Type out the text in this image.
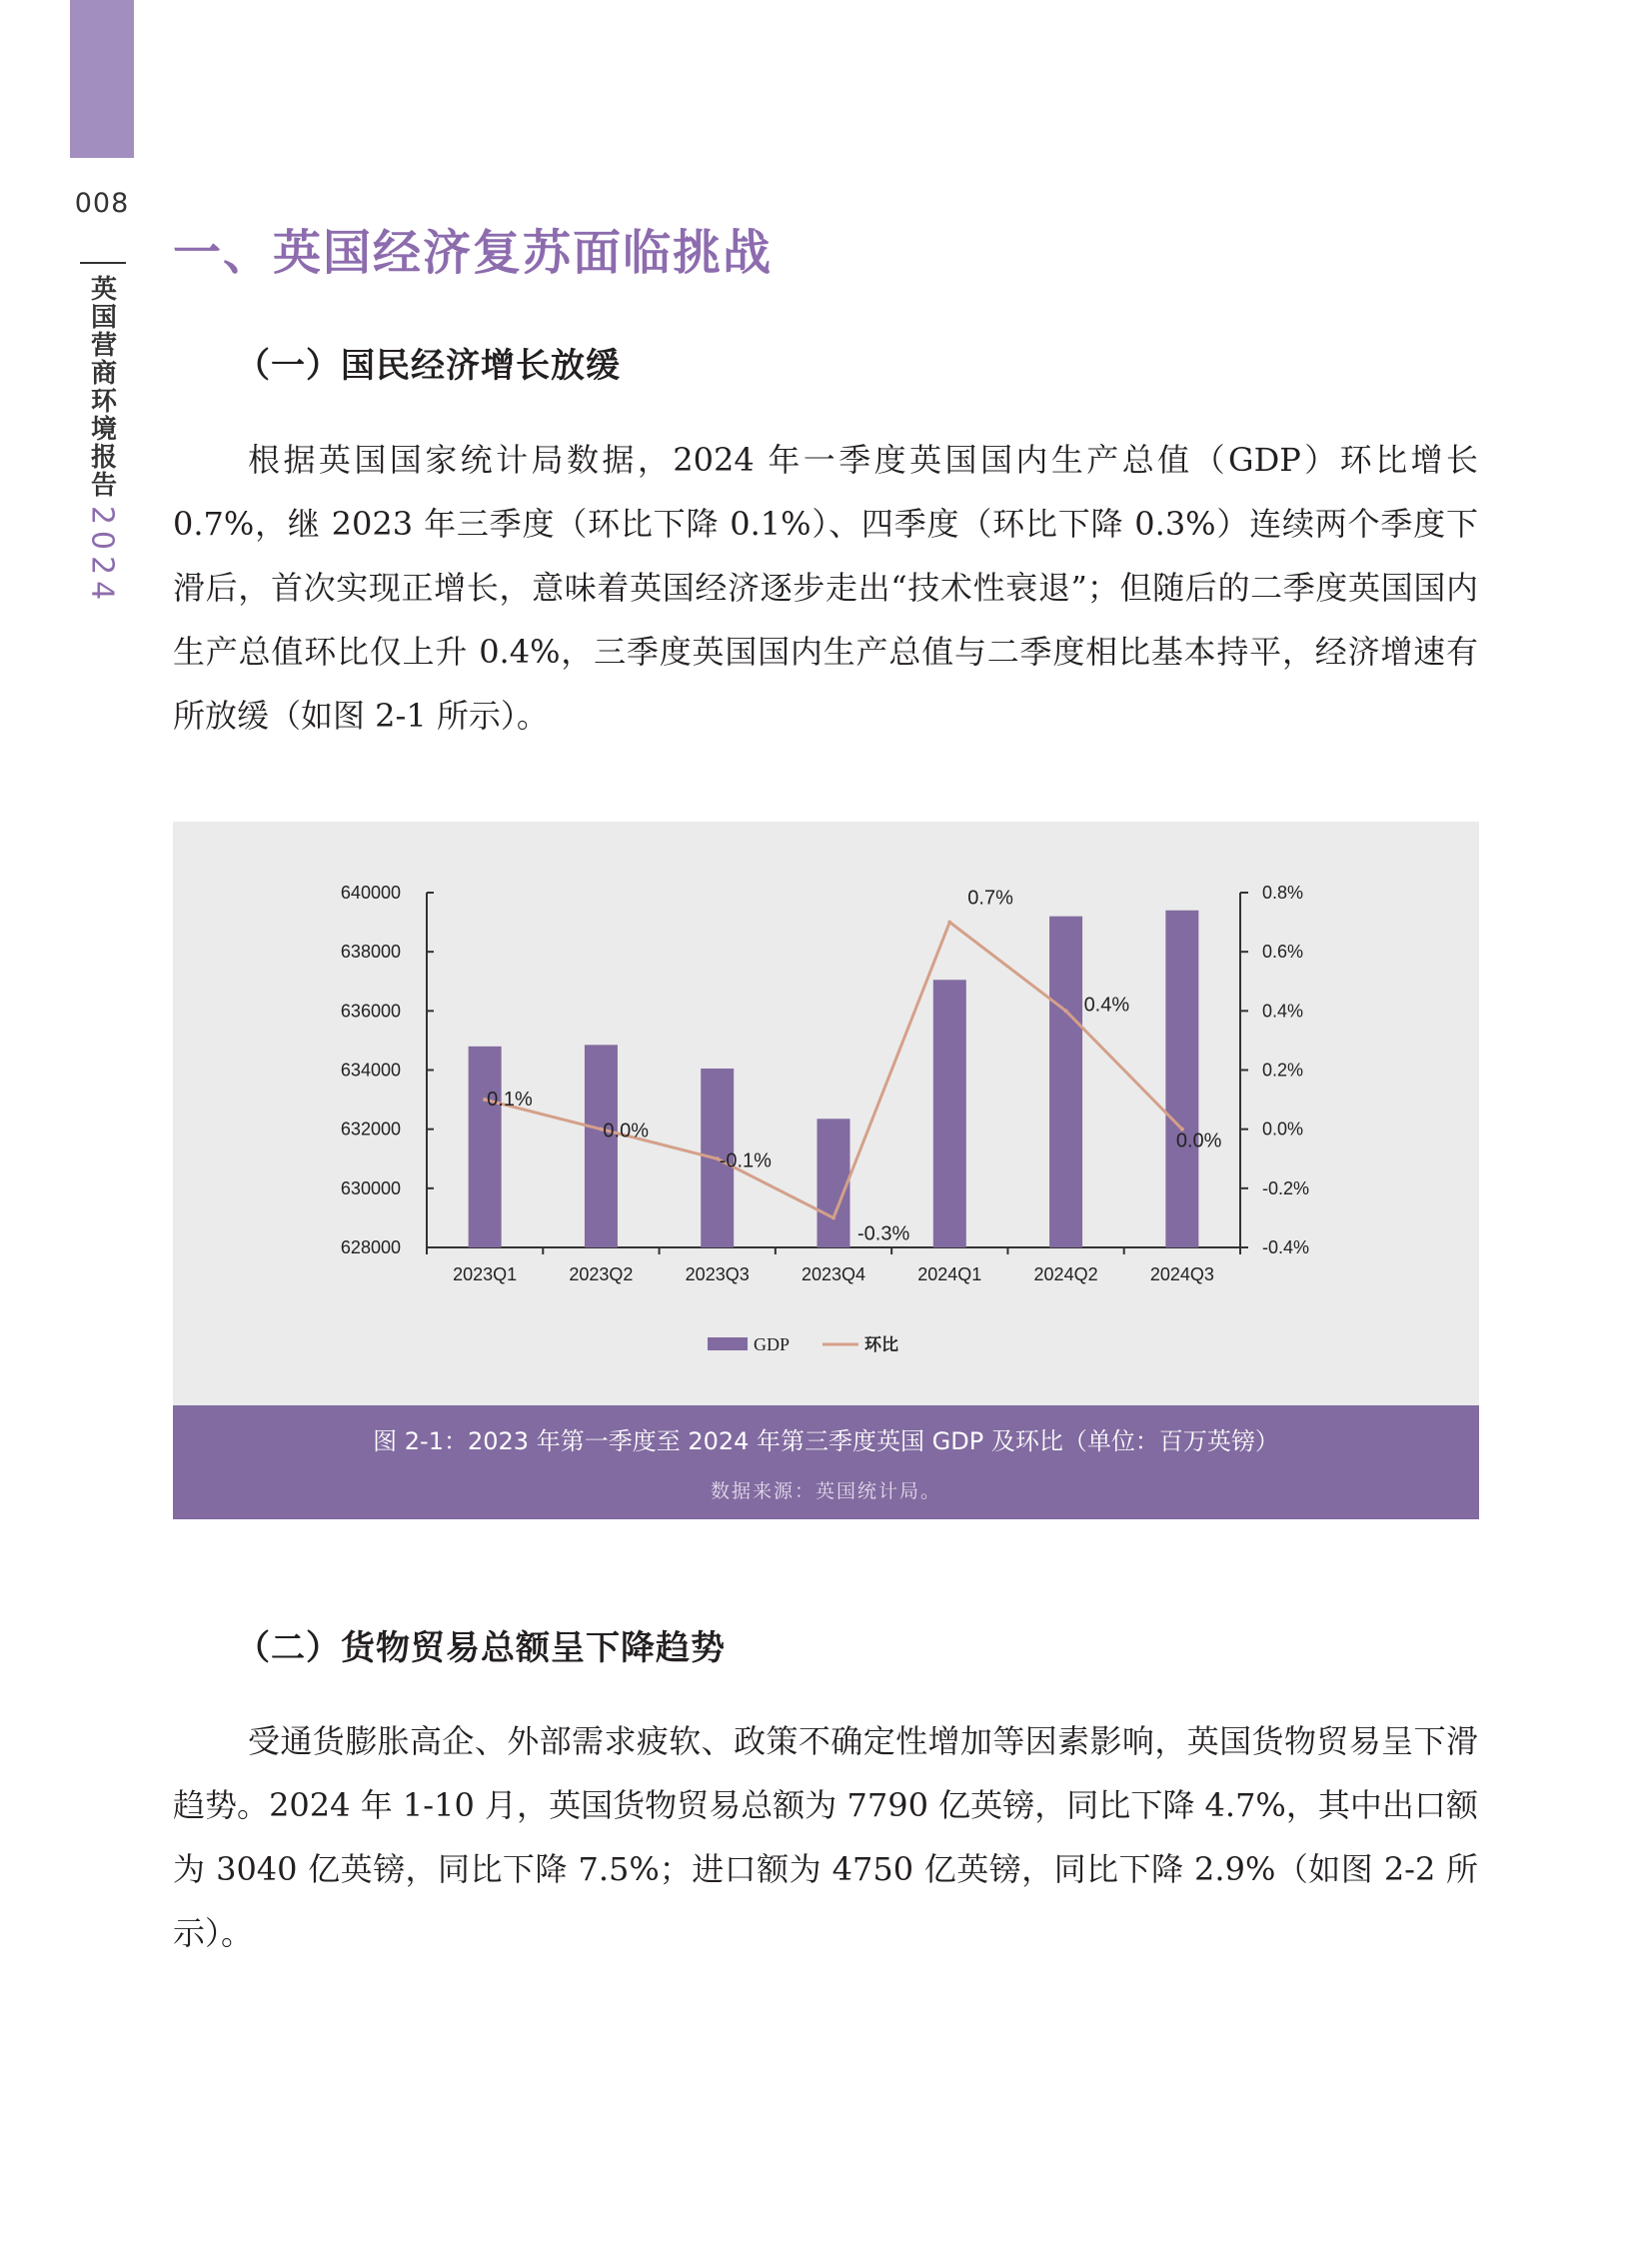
008
英国营商环境报告
2024
一、英国经济复苏面临挑战
（一）国民经济增长放缓

根据英国国家统计局数据，2024 年一季度英国国内生产总值（GDP）环比增长 0.7%，继 2023 年三季度（环比下降 0.1%）、四季度（环比下降 0.3%）连续两个季度下滑后，首次实现正增长，意味着英国经济逐步走出“技术性衰退”；但随后的二季度英国国内生产总值环比仅上升 0.4%，三季度英国国内生产总值与二季度相比基本持平，经济增速有所放缓（如图 2-1 所示）。

628000
630000
632000
634000
636000
638000
640000
-0.4%
-0.2%
0.0%
0.2%
0.4%
0.6%
0.8%
2023Q1	2023Q2	2023Q3	2023Q4	2024Q1	2024Q2	2024Q3
0.1%
0.0%
-0.1%
-0.3%
0.7%
0.4%
0.0%
GDP	环比
图 2-1：2023 年第一季度至 2024 年第三季度英国 GDP 及环比（单位：百万英镑）
数据来源：英国统计局。
（二）货物贸易总额呈下降趋势

受通货膨胀高企、外部需求疲软、政策不确定性增加等因素影响，英国货物贸易呈下滑趋势。2024 年 1-10 月，英国货物贸易总额为 7790 亿英镑，同比下降 4.7%，其中出口额为 3040 亿英镑，同比下降 7.5%；进口额为 4750 亿英镑，同比下降 2.9%（如图 2-2 所示）。
